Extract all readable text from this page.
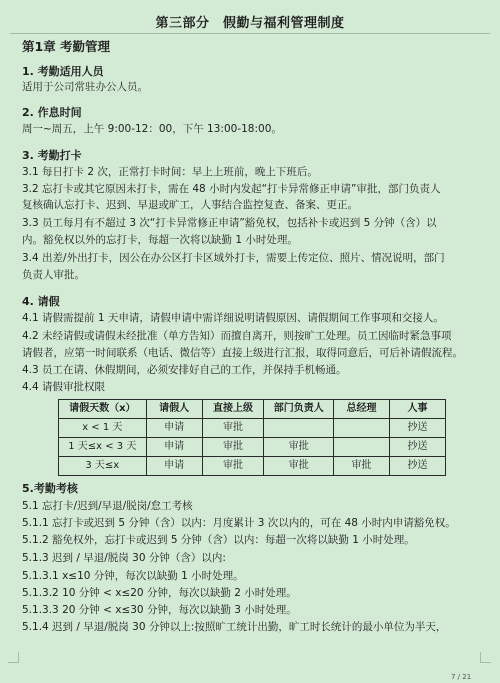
第三部分　假勤与福利管理制度
第1章 考勤管理
1. 考勤适用人员
适用于公司常驻办公人员。
2. 作息时间
周一~周五，上午 9:00-12：00，下午 13:00-18:00。
3. 考勤打卡
3.1 每日打卡 2 次，正常打卡时间：早上上班前，晚上下班后。
3.2 忘打卡或其它原因未打卡，需在 48 小时内发起“打卡异常修正申请”审批，部门负责人
复核确认忘打卡、迟到、早退或旷工，人事结合监控复查、备案、更正。
3.3 员工每月有不超过 3 次“打卡异常修正申请”豁免权，包括补卡或迟到 5 分钟（含）以
内。豁免权以外的忘打卡，每超一次将以缺勤 1 小时处理。
3.4 出差/外出打卡，因公在办公区打卡区域外打卡，需要上传定位、照片、情况说明，部门
负责人审批。
4. 请假
4.1 请假需提前 1 天申请，请假申请中需详细说明请假原因、请假期间工作事项和交接人。
4.2 未经请假或请假未经批准（单方告知）而擅自离开，则按旷工处理。员工因临时紧急事项
请假者，应第一时间联系（电话、微信等）直接上级进行汇报，取得同意后，可后补请假流程。
4.3 员工在请、休假期间，必须安排好自己的工作，并保持手机畅通。
4.4 请假审批权限
请假天数（x）	请假人	直接上级	部门负责人	总经理	人事
x < 1 天	申请	审批			抄送
1 天≤x < 3 天	申请	审批	审批		抄送
3 天≤x	申请	审批	审批	审批	抄送
5.考勤考核
5.1 忘打卡/迟到/早退/脱岗/怠工考核
5.1.1 忘打卡或迟到 5 分钟（含）以内：月度累计 3 次以内的，可在 48 小时内申请豁免权。
5.1.2 豁免权外，忘打卡或迟到 5 分钟（含）以内：每超一次将以缺勤 1 小时处理。
5.1.3 迟到 / 早退/脱岗 30 分钟（含）以内:
5.1.3.1 x≤10 分钟，每次以缺勤 1 小时处理。
5.1.3.2 10 分钟 < x≤20 分钟，每次以缺勤 2 小时处理。
5.1.3.3 20 分钟 < x≤30 分钟，每次以缺勤 3 小时处理。
5.1.4 迟到 / 早退/脱岗 30 分钟以上:按照旷工统计出勤，旷工时长统计的最小单位为半天，
7 / 21
